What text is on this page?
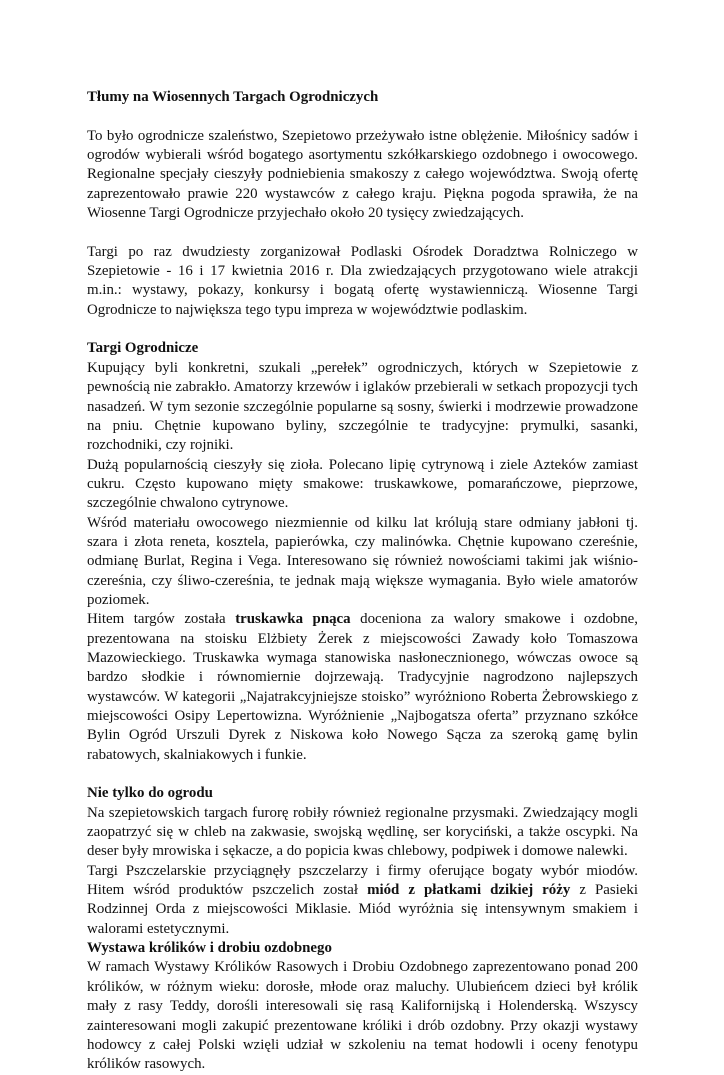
Tłumy na Wiosennych Targach Ogrodniczych

To było ogrodnicze szaleństwo, Szepietowo przeżywało istne oblężenie. Miłośnicy sadów i ogrodów wybierali wśród bogatego asortymentu szkółkarskiego ozdobnego i owocowego. Regionalne specjały cieszyły podniebienia smakoszy z całego województwa. Swoją ofertę zaprezentowało prawie 220 wystawców z całego kraju. Piękna pogoda sprawiła, że na Wiosenne Targi Ogrodnicze przyjechało około 20 tysięcy zwiedzających.

Targi po raz dwudziesty zorganizował Podlaski Ośrodek Doradztwa Rolniczego w Szepietowie - 16 i 17 kwietnia 2016 r. Dla zwiedzających przygotowano wiele atrakcji m.in.: wystawy, pokazy, konkursy i bogatą ofertę wystawienniczą. Wiosenne Targi Ogrodnicze to największa tego typu impreza w województwie podlaskim.

Targi Ogrodnicze

Kupujący byli konkretni, szukali „perełek” ogrodniczych, których w Szepietowie z pewnością nie zabrakło. Amatorzy krzewów i iglaków przebierali w setkach propozycji tych nasadzeń. W tym sezonie szczególnie popularne są sosny, świerki i modrzewie prowadzone na pniu. Chętnie kupowano byliny, szczególnie te tradycyjne: prymulki, sasanki, rozchodniki, czy rojniki.

Dużą popularnością cieszyły się zioła. Polecano lipię cytrynową i ziele Azteków zamiast cukru. Często kupowano mięty smakowe: truskawkowe, pomarańczowe, pieprzowe, szczególnie chwalono cytrynowe.

Wśród materiału owocowego niezmiennie od kilku lat królują stare odmiany jabłoni tj. szara i złota reneta, kosztela, papierówka, czy malinówka. Chętnie kupowano czereśnie, odmianę Burlat, Regina i Vega. Interesowano się również nowościami takimi jak wiśnio-czereśnia, czy śliwo-czereśnia, te jednak mają większe wymagania. Było wiele amatorów poziomek.

Hitem targów została truskawka pnąca doceniona za walory smakowe i ozdobne, prezentowana na stoisku Elżbiety Żerek z miejscowości Zawady koło Tomaszowa Mazowieckiego. Truskawka wymaga stanowiska nasłonecznionego, wówczas owoce są bardzo słodkie i równomiernie dojrzewają. Tradycyjnie nagrodzono najlepszych wystawców. W kategorii „Najatrakcyjniejsze stoisko” wyróżniono Roberta Żebrowskiego z miejscowości Osipy Lepertowizna. Wyróżnienie „Najbogatsza oferta” przyznano szkółce Bylin Ogród Urszuli Dyrek z Niskowa koło Nowego Sącza za szeroką gamę bylin rabatowych, skalniakowych i funkie.

Nie tylko do ogrodu

Na szepietowskich targach furorę robiły również regionalne przysmaki. Zwiedzający mogli zaopatrzyć się w chleb na zakwasie, swojską wędlinę, ser koryciński, a także oscypki. Na deser były mrowiska i sękacze, a do popicia kwas chlebowy, podpiwek i domowe nalewki.

Targi Pszczelarskie przyciągnęły pszczelarzy i firmy oferujące bogaty wybór miodów. Hitem wśród produktów pszczelich został miód z płatkami dzikiej róży z Pasieki Rodzinnej Orda z miejscowości Miklasie. Miód wyróżnia się intensywnym smakiem i walorami estetycznymi.

Wystawa królików i drobiu ozdobnego

W ramach Wystawy Królików Rasowych i Drobiu Ozdobnego zaprezentowano ponad 200 królików, w różnym wieku: dorosłe, młode oraz maluchy. Ulubieńcem dzieci był królik mały z rasy Teddy, dorośli interesowali się rasą Kalifornijską i Holenderską. Wszyscy zainteresowani mogli zakupić prezentowane króliki i drób ozdobny. Przy okazji wystawy hodowcy z całej Polski wzięli udział w szkoleniu na temat hodowli i oceny fenotypu królików rasowych.
